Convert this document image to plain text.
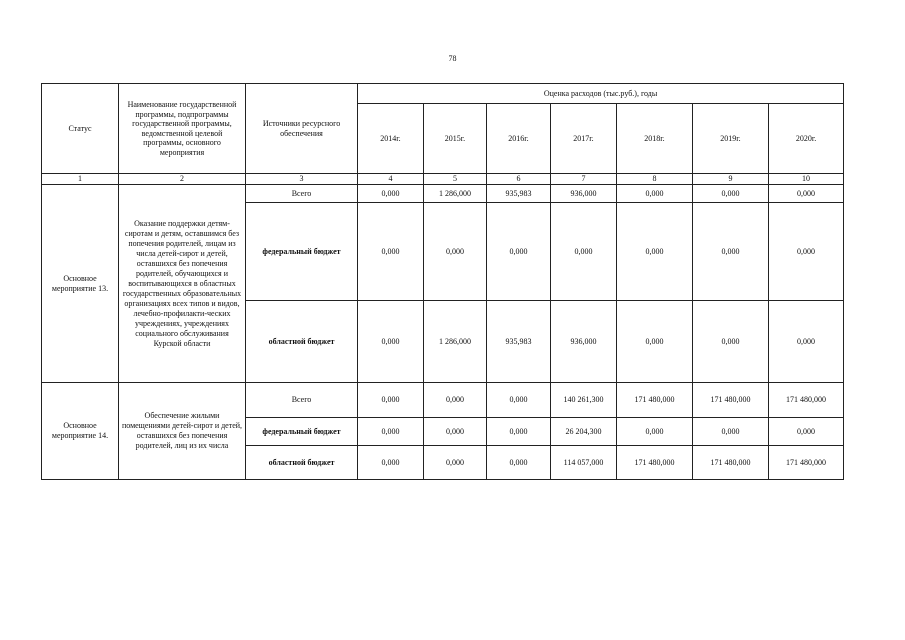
78
Статус	Наименование государственной программы, подпрограммы государственной программы, ведомственной целевой программы, основного мероприятия	Источники ресурсного обеспечения	Оценка расходов (тыс.руб.), годы						
			2014г.	2015г.	2016г.	2017г.	2018г.	2019г.	2020г.
1	2	3	4	5	6	7	8	9	10
Основное мероприятие 13.	Оказание поддержки детям-сиротам и детям, оставшимся без попечения родителей, лицам из числа детей-сирот и детей, оставшихся без попечения родителей, обучающихся и воспитывающихся в областных государственных образовательных организациях всех типов и видов, лечебно-профилакти-ческих учреждениях, учреждениях социального обслуживания Курской области	Всего	0,000	1 286,000	935,983	936,000	0,000	0,000	0,000
		федеральный бюджет	0,000	0,000	0,000	0,000	0,000	0,000	0,000
		областной бюджет	0,000	1 286,000	935,983	936,000	0,000	0,000	0,000
Основное мероприятие 14.	Обеспечение жилыми помещениями детей-сирот и детей, оставшихся без попечения родителей, лиц из их числа	Всего	0,000	0,000	0,000	140 261,300	171 480,000	171 480,000	171 480,000
		федеральный бюджет	0,000	0,000	0,000	26 204,300	0,000	0,000	0,000
		областной бюджет	0,000	0,000	0,000	114 057,000	171 480,000	171 480,000	171 480,000
